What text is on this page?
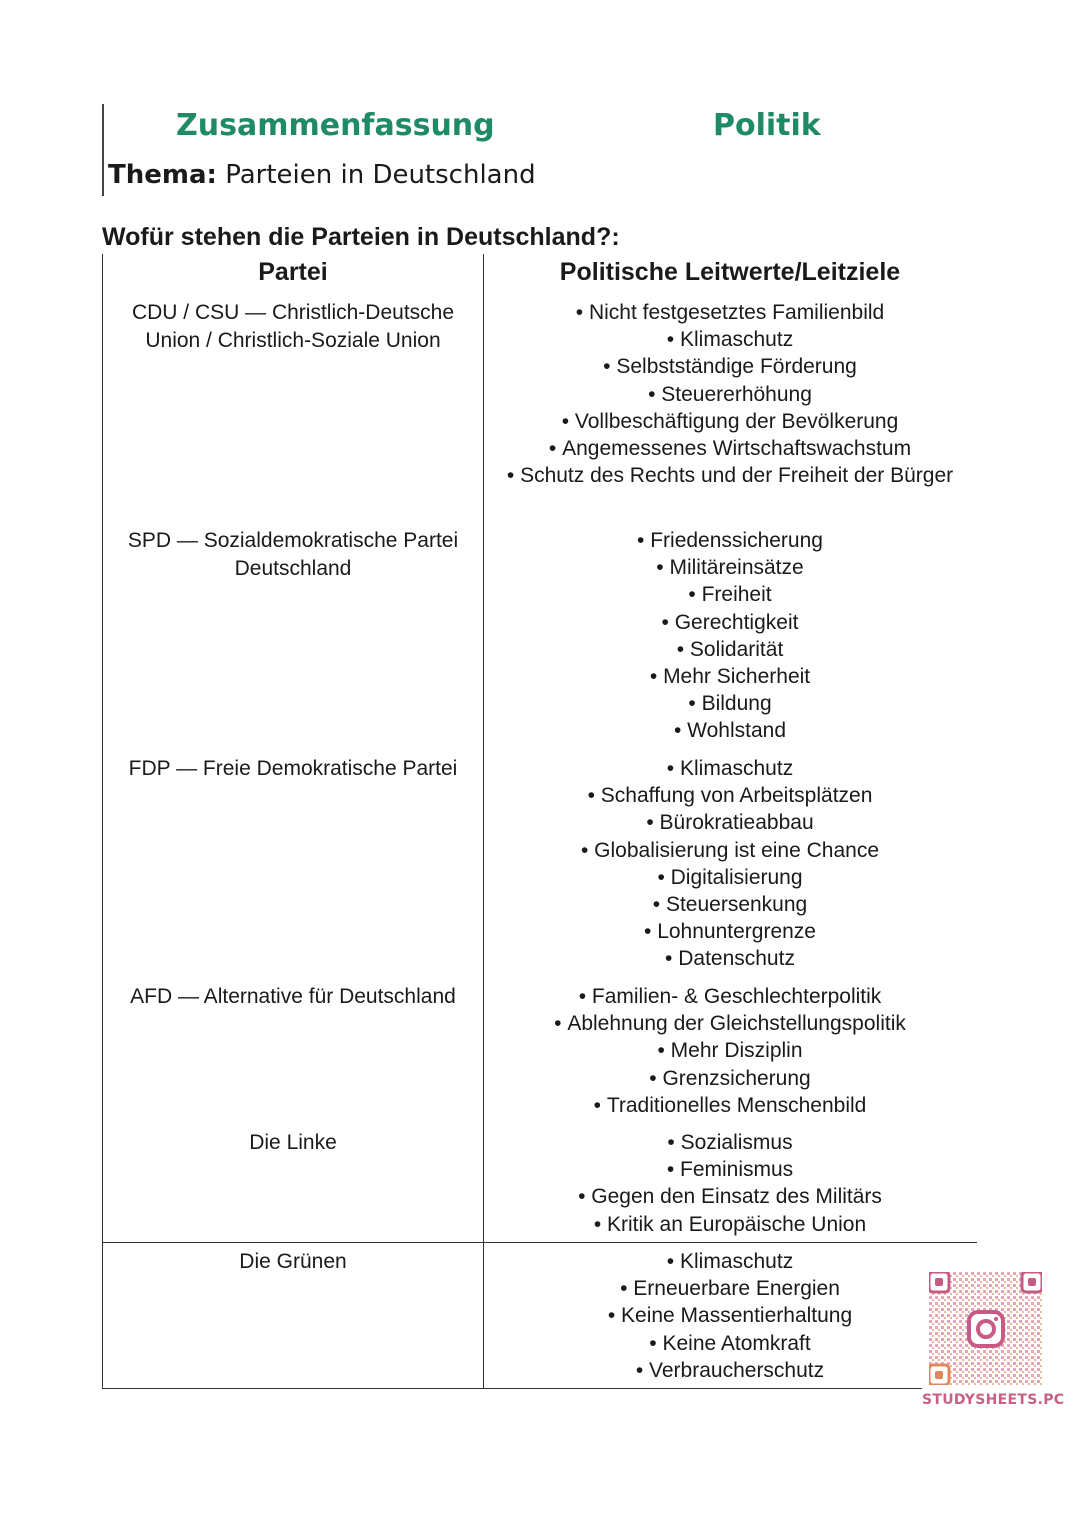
Zusammenfassung	Politik
Thema: Parteien in Deutschland
Wofür stehen die Parteien in Deutschland?:
Partei	Politische Leitwerte/Leitziele
CDU / CSU — Christlich-Deutsche Union / Christlich-Soziale Union
• Nicht festgesetztes Familienbild
• Klimaschutz
• Selbstständige Förderung
• Steuererhöhung
• Vollbeschäftigung der Bevölkerung
• Angemessenes Wirtschaftswachstum
• Schutz des Rechts und der Freiheit der Bürger
SPD — Sozialdemokratische Partei Deutschland
• Friedenssicherung
• Militäreinsätze
• Freiheit
• Gerechtigkeit
• Solidarität
• Mehr Sicherheit
• Bildung
• Wohlstand
FDP — Freie Demokratische Partei	• Klimaschutz
• Schaffung von Arbeitsplätzen
• Bürokratieabbau
• Globalisierung ist eine Chance
• Digitalisierung
• Steuersenkung
• Lohnuntergrenze
• Datenschutz
AFD — Alternative für Deutschland	• Familien- & Geschlechterpolitik
• Ablehnung der Gleichstellungspolitik
• Mehr Disziplin
• Grenzsicherung
• Traditionelles Menschenbild
Die Linke	• Sozialismus
• Feminismus
• Gegen den Einsatz des Militärs
• Kritik an Europäische Union
Die Grünen	• Klimaschutz
• Erneuerbare Energien
• Keine Massentierhaltung
• Keine Atomkraft
• Verbraucherschutz
STUDYSHEETS.PC
